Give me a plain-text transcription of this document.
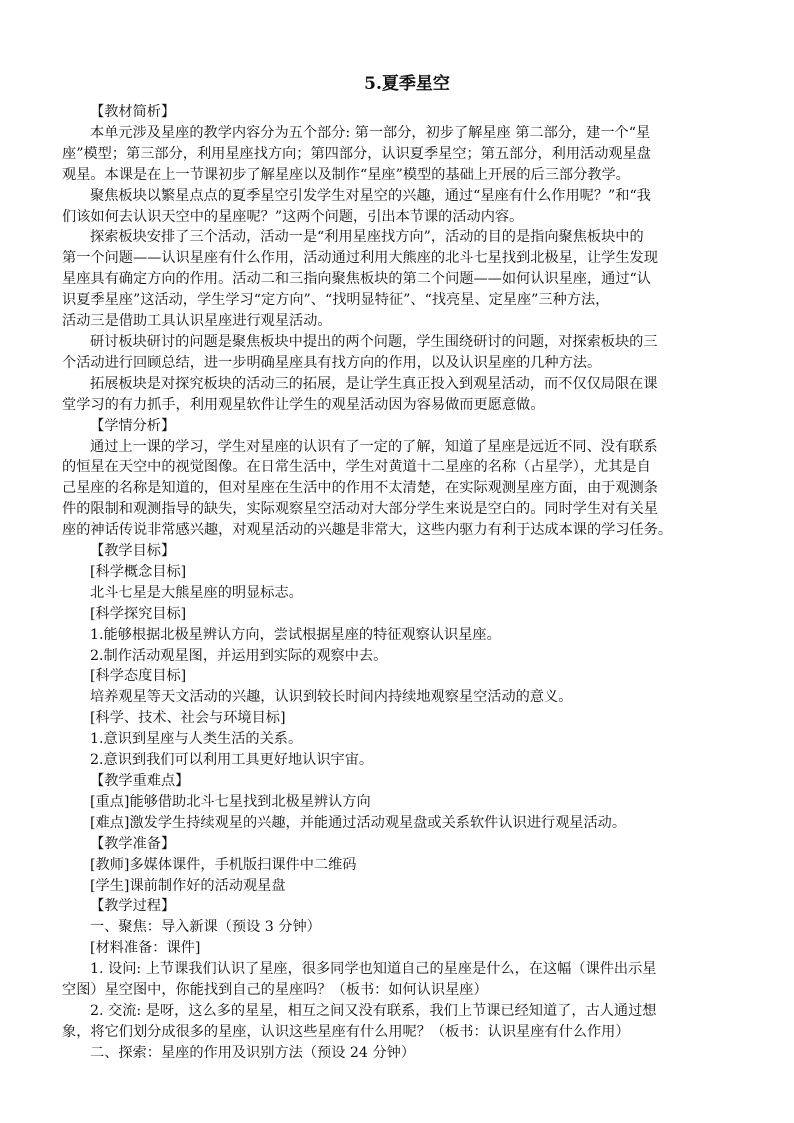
5.夏季星空
【教材简析】
本单元涉及星座的教学内容分为五个部分: 第一部分，初步了解星座 第二部分，建一个“星
座”模型；第三部分，利用星座找方向；第四部分，认识夏季星空；第五部分，利用活动观星盘
观星。本课是在上一节课初步了解星座以及制作“星座”模型的基础上开展的后三部分教学。
聚焦板块以繁星点点的夏季星空引发学生对星空的兴趣，通过“星座有什么作用呢？”和“我
们该如何去认识天空中的星座呢？”这两个问题，引出本节课的活动内容。
探索板块安排了三个活动，活动一是“利用星座找方向”，活动的目的是指向聚焦板块中的
第一个问题——认识星座有什么作用，活动通过利用大熊座的北斗七星找到北极星，让学生发现
星座具有确定方向的作用。活动二和三指向聚焦板块的第二个问题——如何认识星座，通过“认
识夏季星座”这活动，学生学习“定方向”、“找明显特征”、“找亮星、定星座”三种方法，
活动三是借助工具认识星座进行观星活动。
研讨板块研讨的问题是聚焦板块中提出的两个问题，学生围绕研讨的问题，对探索板块的三
个活动进行回顾总结，进一步明确星座具有找方向的作用，以及认识星座的几种方法。
拓展板块是对探究板块的活动三的拓展，是让学生真正投入到观星活动，而不仅仅局限在课
堂学习的有力抓手，利用观星软件让学生的观星活动因为容易做而更愿意做。
【学情分析】
通过上一课的学习，学生对星座的认识有了一定的了解，知道了星座是远近不同、没有联系
的恒星在天空中的视觉图像。在日常生活中，学生对黄道十二星座的名称（占星学），尤其是自
己星座的名称是知道的，但对星座在生活中的作用不太清楚，在实际观测星座方面，由于观测条
件的限制和观测指导的缺失，实际观察星空活动对大部分学生来说是空白的。同时学生对有关星
座的神话传说非常感兴趣，对观星活动的兴趣是非常大，这些内驱力有利于达成本课的学习任务。
【教学目标】
[科学概念目标]
北斗七星是大熊星座的明显标志。
[科学探究目标]
1.能够根据北极星辨认方向，尝试根据星座的特征观察认识星座。
2.制作活动观星图，并运用到实际的观察中去。
[科学态度目标]
培养观星等天文活动的兴趣，认识到较长时间内持续地观察星空活动的意义。
[科学、技术、社会与环境目标]
1.意识到星座与人类生活的关系。
2.意识到我们可以利用工具更好地认识宇宙。
【教学重难点】
[重点]能够借助北斗七星找到北极星辨认方向
[难点]激发学生持续观星的兴趣，并能通过活动观星盘或关系软件认识进行观星活动。
【教学准备】
[教师]多媒体课件，手机版扫课件中二维码
[学生]课前制作好的活动观星盘
【教学过程】
一、聚焦：导入新课（预设 3 分钟）
[材料准备：课件]
1. 设问: 上节课我们认识了星座，很多同学也知道自己的星座是什么，在这幅（课件出示星
空图）星空图中，你能找到自己的星座吗？（板书：如何认识星座）
2. 交流: 是呀，这么多的星星，相互之间又没有联系，我们上节课已经知道了，古人通过想
象，将它们划分成很多的星座，认识这些星座有什么用呢？（板书：认识星座有什么作用）
二、探索：星座的作用及识别方法（预设 24 分钟）
